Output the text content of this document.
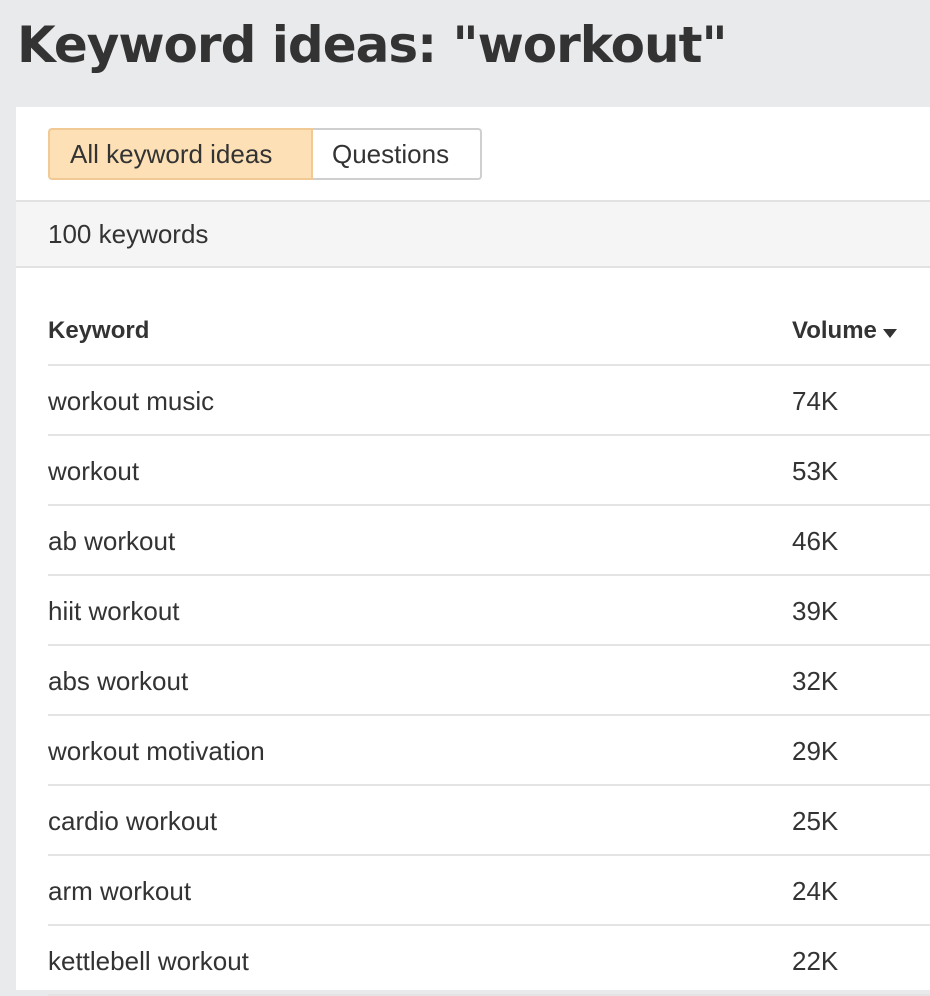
Keyword ideas: "workout"
All keyword ideas	Questions
100 keywords
Keyword	Volume
workout music	74K
workout	53K
ab workout	46K
hiit workout	39K
abs workout	32K
workout motivation	29K
cardio workout	25K
arm workout	24K
kettlebell workout	22K
